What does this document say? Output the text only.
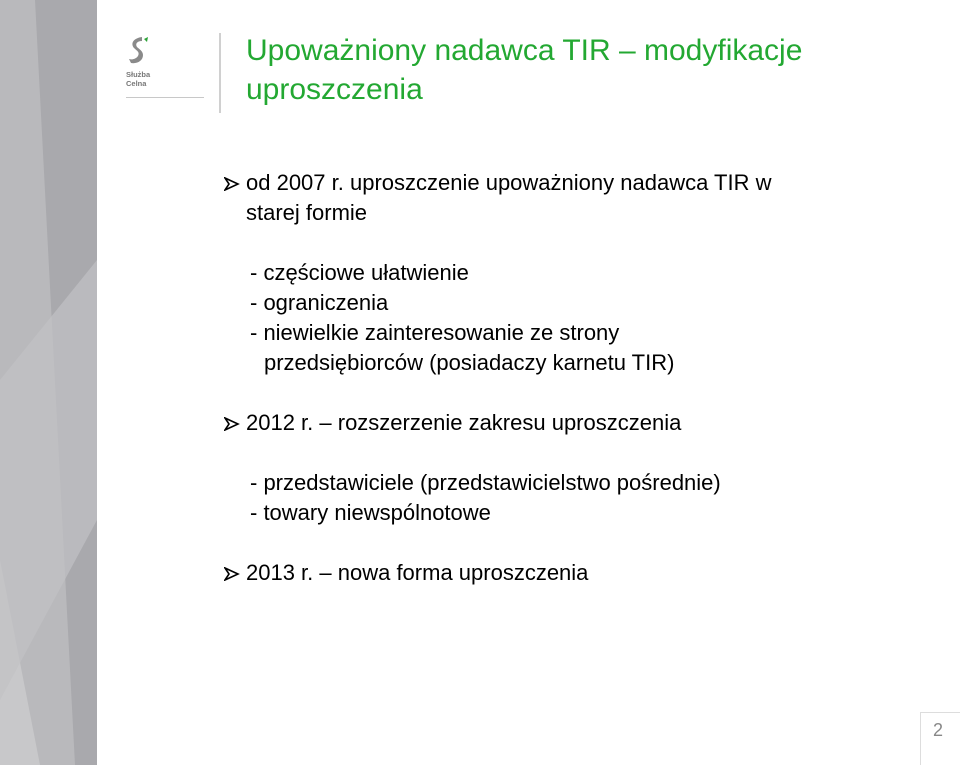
Służba
Celna
Upoważniony nadawca TIR – modyfikacje uproszczenia
od 2007 r. uproszczenie upoważniony nadawca TIR w
starej formie
- częściowe ułatwienie
- ograniczenia
- niewielkie zainteresowanie ze strony
przedsiębiorców (posiadaczy karnetu TIR)
2012 r. – rozszerzenie zakresu uproszczenia
- przedstawiciele (przedstawicielstwo pośrednie)
- towary niewspólnotowe
2013 r. – nowa forma uproszczenia
2
